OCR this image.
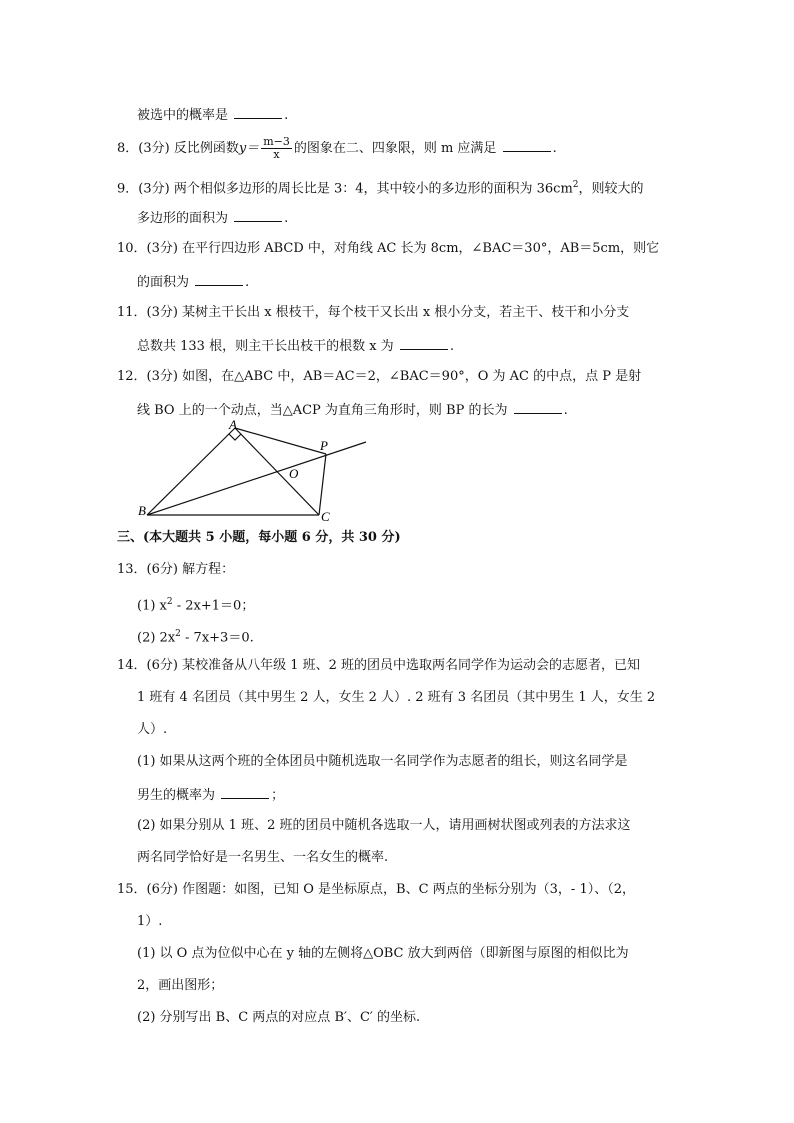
被选中的概率是	.
8．(3分) 反比例函数$y= \frac{m-3}{x}$ 的图象在二、四象限，则 m 应满足	.
9．(3分) 两个相似多边形的周长比是 3：4，其中较小的多边形的面积为 $36cm^2$，则较大的
多边形的面积为	.
10．(3分) 在平行四边形 ABCD 中，对角线 AC 长为 8cm，∠BAC＝30°，AB＝5cm，则它
的面积为	.
11．(3分) 某树主干长出 x 根枝干，每个枝干又长出 x 根小分支，若主干、枝干和小分支
总数共 133 根，则主干长出枝干的根数 x 为	.
12．(3分) 如图，在△ABC 中，AB＝AC＝2，∠BAC＝90°，O 为 AC 的中点，点 P 是射
线 BO 上的一个动点，当△ACP 为直角三角形时，则 BP 的长为	.
A
B	C
O
P
三、(本大题共 5 小题，每小题 6 分，共 30 分)
13．(6分) 解方程：
(1) $x^2 - 2x+1=0$；
(2) $2x^2 - 7x+3=0$.
14．(6分) 某校准备从八年级 1 班、2 班的团员中选取两名同学作为运动会的志愿者，已知
1 班有 4 名团员（其中男生 2 人，女生 2 人）. 2 班有 3 名团员（其中男生 1 人，女生 2
人）.
(1) 如果从这两个班的全体团员中随机选取一名同学作为志愿者的组长，则这名同学是
男生的概率为	；
(2) 如果分别从 1 班、2 班的团员中随机各选取一人，请用画树状图或列表的方法求这
两名同学恰好是一名男生、一名女生的概率.
15．(6分) 作图题：如图，已知 O 是坐标原点，B、C 两点的坐标分别为（3，- 1）、（2，
1）.
(1) 以 O 点为位似中心在 y 轴的左侧将△OBC 放大到两倍（即新图与原图的相似比为
2，画出图形；
(2) 分别写出 B、C 两点的对应点 B′、C′ 的坐标.
